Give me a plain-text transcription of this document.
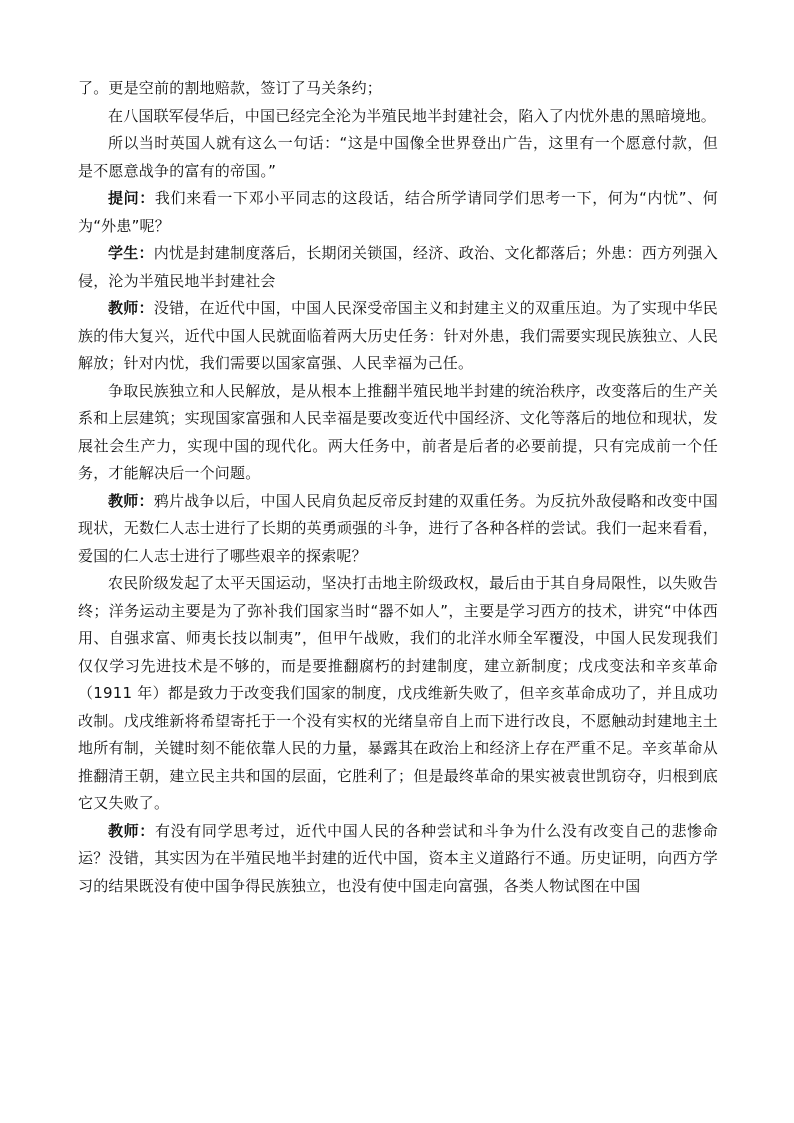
了。更是空前的割地赔款，签订了马关条约；

在八国联军侵华后，中国已经完全沦为半殖民地半封建社会，陷入了内忧外患的黑暗境地。

所以当时英国人就有这么一句话：“这是中国像全世界登出广告，这里有一个愿意付款，但是不愿意战争的富有的帝国。”

提问：我们来看一下邓小平同志的这段话，结合所学请同学们思考一下，何为“内忧”、何为“外患”呢？

学生：内忧是封建制度落后，长期闭关锁国，经济、政治、文化都落后；外患：西方列强入侵，沦为半殖民地半封建社会

教师：没错，在近代中国，中国人民深受帝国主义和封建主义的双重压迫。为了实现中华民族的伟大复兴，近代中国人民就面临着两大历史任务：针对外患，我们需要实现民族独立、人民解放；针对内忧，我们需要以国家富强、人民幸福为己任。

争取民族独立和人民解放，是从根本上推翻半殖民地半封建的统治秩序，改变落后的生产关系和上层建筑；实现国家富强和人民幸福是要改变近代中国经济、文化等落后的地位和现状，发展社会生产力，实现中国的现代化。两大任务中，前者是后者的必要前提，只有完成前一个任务，才能解决后一个问题。

教师：鸦片战争以后，中国人民肩负起反帝反封建的双重任务。为反抗外敌侵略和改变中国现状，无数仁人志士进行了长期的英勇顽强的斗争，进行了各种各样的尝试。我们一起来看看，爱国的仁人志士进行了哪些艰辛的探索呢？

农民阶级发起了太平天国运动，坚决打击地主阶级政权，最后由于其自身局限性，以失败告终；洋务运动主要是为了弥补我们国家当时“器不如人”，主要是学习西方的技术，讲究“中体西用、自强求富、师夷长技以制夷”，但甲午战败，我们的北洋水师全军覆没，中国人民发现我们仅仅学习先进技术是不够的，而是要推翻腐朽的封建制度，建立新制度；戊戌变法和辛亥革命（1911 年）都是致力于改变我们国家的制度，戊戌维新失败了，但辛亥革命成功了，并且成功改制。戊戌维新将希望寄托于一个没有实权的光绪皇帝自上而下进行改良，不愿触动封建地主土地所有制，关键时刻不能依靠人民的力量，暴露其在政治上和经济上存在严重不足。辛亥革命从推翻清王朝，建立民主共和国的层面，它胜利了；但是最终革命的果实被袁世凯窃夺，归根到底它又失败了。

教师：有没有同学思考过，近代中国人民的各种尝试和斗争为什么没有改变自己的悲惨命运？没错，其实因为在半殖民地半封建的近代中国，资本主义道路行不通。历史证明，向西方学习的结果既没有使中国争得民族独立，也没有使中国走向富强，各类人物试图在中国
